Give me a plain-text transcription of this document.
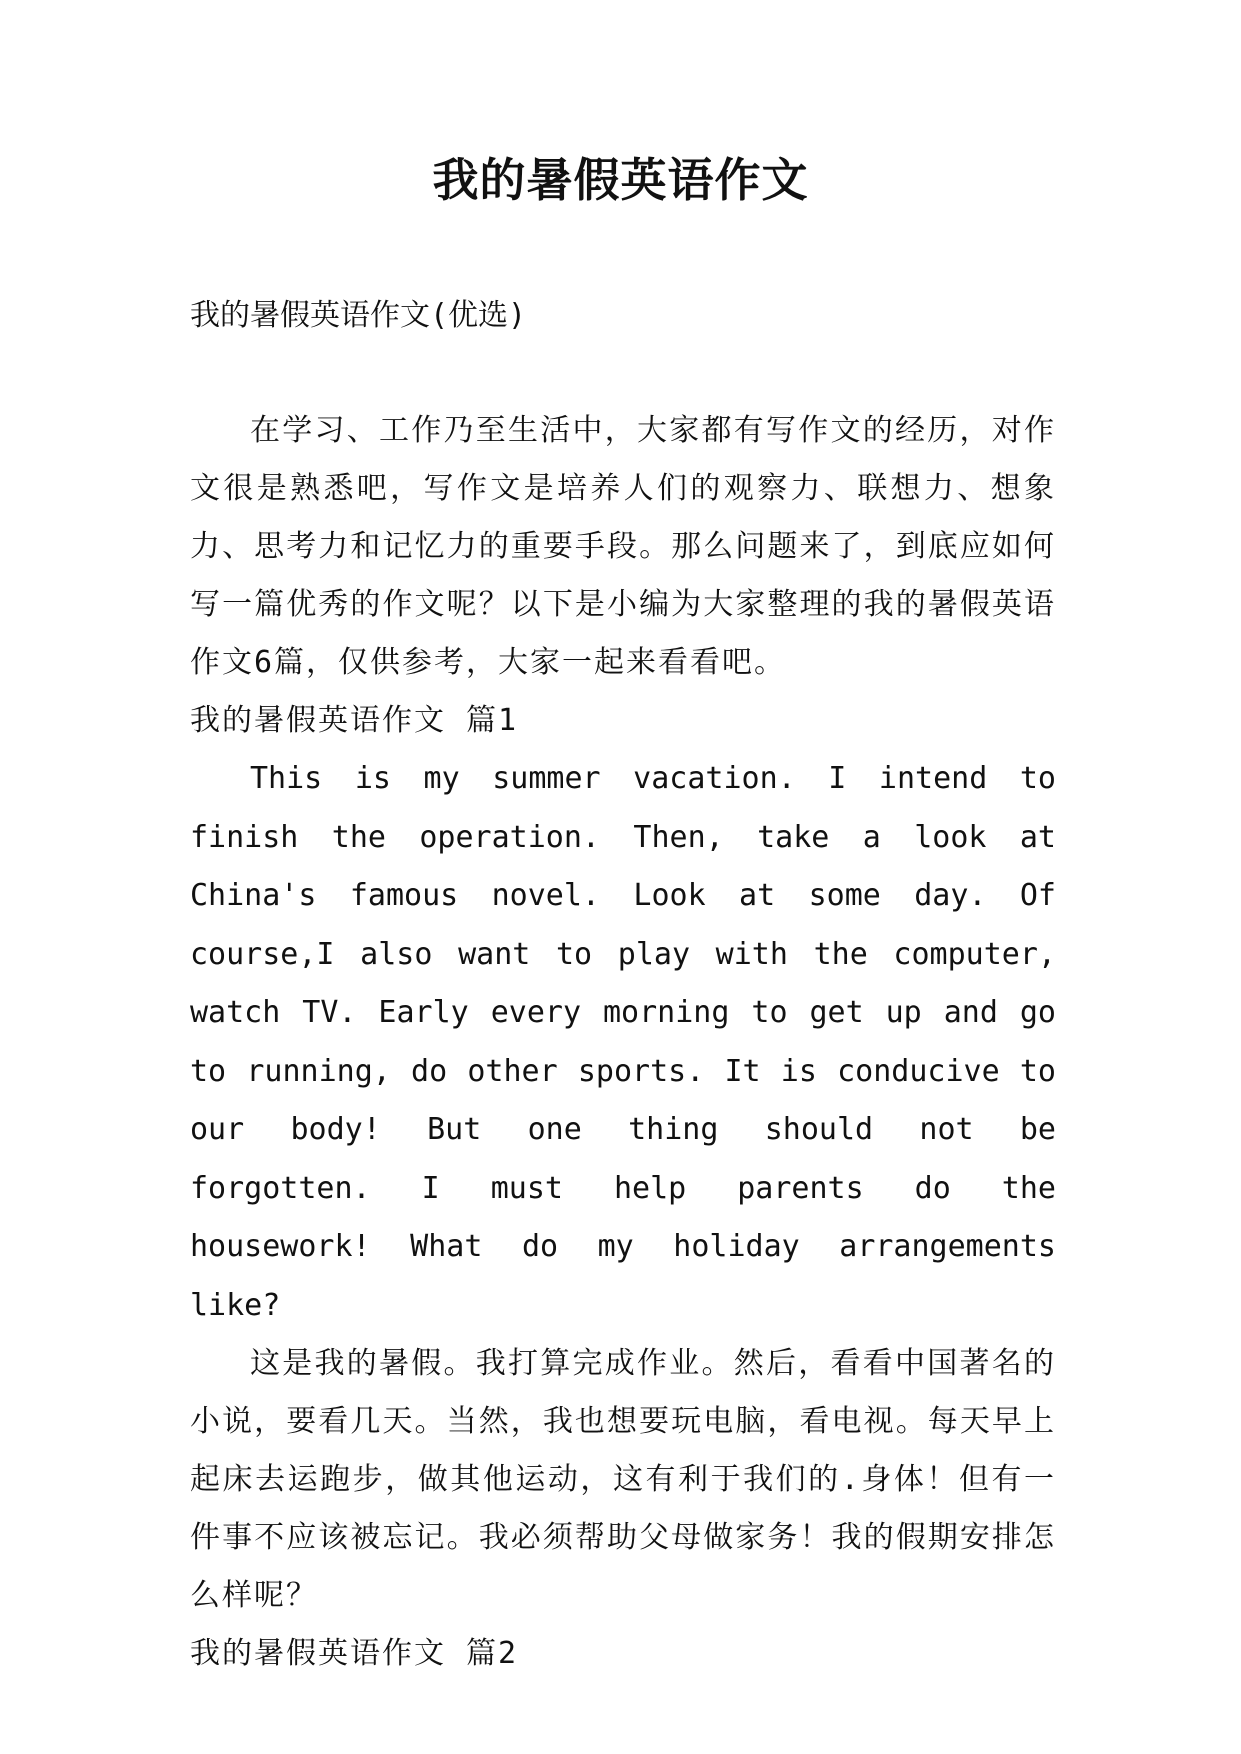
我的暑假英语作文

我的暑假英语作文(优选)

在学习、工作乃至生活中，大家都有写作文的经历，对作文很是熟悉吧，写作文是培养人们的观察力、联想力、想象力、思考力和记忆力的重要手段。那么问题来了，到底应如何写一篇优秀的作文呢？以下是小编为大家整理的我的暑假英语作文6篇，仅供参考，大家一起来看看吧。

我的暑假英语作文 篇1

This is my summer vacation. I intend to finish the operation. Then, take a look at China's famous novel. Look at some day. Of course,I also want to play with the computer, watch TV. Early every morning to get up and go to running, do other sports. It is conducive to our body! But one thing should not be forgotten. I must help parents do the housework! What do my holiday arrangements like?

这是我的暑假。我打算完成作业。然后，看看中国著名的小说，要看几天。当然，我也想要玩电脑，看电视。每天早上起床去运跑步，做其他运动，这有利于我们的.身体！但有一件事不应该被忘记。我必须帮助父母做家务！我的假期安排怎么样呢？

我的暑假英语作文 篇2
